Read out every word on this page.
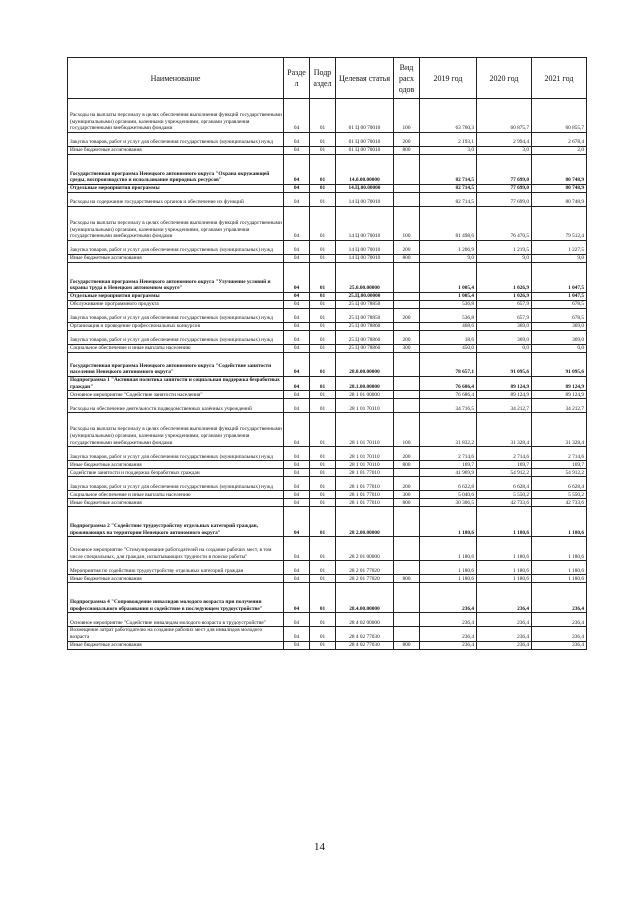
Наименование	Разде л	Подр аздел	Целевая статья	Вид расх одов	2019 год	2020 год	2021 год
Расходы на выплаты персоналу в целях обеспечения выполнения функций государственными (муниципальными) органами, казенными учреждениями, органами управления государственными внебюджетными фондами	04	01	01 Ц 00 70010	100	63 760,3	60 875,7	60 855,7
Закупка товаров, работ и услуг для обеспечения государственных (муниципальных) нужд	04	01	01 Ц 00 70010	200	2 193,1	2 994,4	2 678,4
Иные бюджетные ассигнования	04	01	01 Ц 00 70010	800	3,0	3,0	2,0
Государственная программа Ненецкого автономного округа "Охрана окружающей среды, воспроизводство и использование природных ресурсов"	04	01	14.0.00.00000		82 714,5	77 699,0	80 748,9
Отдельные мероприятия программы	04	01	14.Ц.00.00000		82 714,5	77 699,0	80 748,9
Расходы на содержание государственных органов и обеспечение их функций	04	01	14 Ц 00 70010		82 714,5	77 699,0	80 748,9
Расходы на выплаты персоналу в целях обеспечения выполнения функций государственными (муниципальными) органами, казенными учреждениями, органами управления государственными внебюджетными фондами	04	01	14 Ц 00 70010	100	81 498,6	76 470,5	79 512,4
Закупка товаров, работ и услуг для обеспечения государственных (муниципальных) нужд	04	01	14 Ц 00 70010	200	1 206,9	1 219,5	1 227,5
Иные бюджетные ассигнования	04	01	14 Ц 00 70010	800	9,0	9,0	9,0
Государственная программа Ненецкого автономного округа "Улучшение условий и охраны труда в Ненецком автономном округе"	04	01	25.0.00.00000		1 005,4	1 026,9	1 047,5
Отдельные мероприятия программы	04	01	25.Ц.00.00000		1 005,4	1 026,9	1 047,5
Обслуживание программного продукта	04	01	25 Ц 00 78850		536,8	657,9	678,5
Закупка товаров, работ и услуг для обеспечения государственных (муниципальных) нужд	04	01	25 Ц 00 78850	200	536,8	657,9	678,5
Организация и проведение профессиональных конкурсов	04	01	25 Ц 00 78860		468,6	369,0	369,0
Закупка товаров, работ и услуг для обеспечения государственных (муниципальных) нужд	04	01	25 Ц 00 78860	200	18,6	369,0	369,0
Социальное обеспечение и иные выплаты населению	04	01	25 Ц 00 78860	300	450,0	0,0	0,0
Государственная программа Ненецкого автономного округа "Содействие занятости населения Ненецкого автономного округа"	04	01	28.0.00.00000		78 657,1	91 095,6	91 095,6
Подпрограмма 1 "Активная политика занятости и социальная поддержка безработных граждан"	04	01	28.1.00.00000		76 686,4	89 124,9	89 124,9
Основное мероприятие "Содействие занятости населения"	04	01	28 1 01 00000		76 686,4	89 124,9	89 124,9
Расходы на обеспечение деятельности подведомственных казённых учреждений	04	01	28 1 01 70110		34 716,5	34 212,7	34 212,7
Расходы на выплаты персоналу в целях обеспечения выполнения функций государственными (муниципальными) органами, казенными учреждениями, органами управления государственными внебюджетными фондами	04	01	28 1 01 70110	100	31 832,2	31 328,4	31 328,4
Закупка товаров, работ и услуг для обеспечения государственных (муниципальных) нужд	04	01	28 1 01 70110	200	2 714,6	2 714,6	2 714,6
Иные бюджетные ассигнования	04	01	28 1 01 70110	800	169,7	169,7	169,7
Содействие занятости и поддержка безработных граждан	04	01	28 1 01 77010		41 969,9	54 912,2	54 912,2
Закупка товаров, работ и услуг для обеспечения государственных (муниципальных) нужд	04	01	28 1 01 77010	200	6 622,8	6 628,4	6 628,4
Социальное обеспечение и иные выплаты населению	04	01	28 1 01 77010	300	5 040,6	5 550,2	5 550,2
Иные бюджетные ассигнования	04	01	28 1 01 77010	800	30 306,5	42 733,6	42 733,6
Подпрограмма 2 "Содействие трудоустройству отдельных категорий граждан, проживающих на территории Ненецкого автономного округа"	04	01	28 2.00.00000		1 180,6	1 180,6	1 180,6
Основное мероприятие "Стимулирование работодателей на создание рабочих мест, в том числе специальных, для граждан, испытывающих трудности в поиске работы"	04	01	28 2 01 00000		1 180,6	1 180,6	1 180,6
Мероприятия по содействию трудоустройству отдельных категорий граждан	04	01	28 2 01 77020		1 180,6	1 180,6	1 180,6
Иные бюджетные ассигнования	04	01	28 2 01 77020	800	1 180,6	1 180,6	1 180,6
Подпрограмма 4 "Сопровождение инвалидов молодого возраста при получении профессионального образования и содействие в последующем трудоустройстве"	04	01	28.4.00.00000		236,4	236,4	236,4
Основное мероприятие "Содействие инвалидам молодого возраста в трудоустройстве"	04	01	28 4 02 00000		236,4	236,4	236,4
Возмещение затрат работодателю на создание рабочих мест для инвалидов молодого возраста	04	01	28 4 02 77030		236,4	236,4	236,4
Иные бюджетные ассигнования	04	01	28 4 02 77030	800	236,4	236,4	236,4
14
